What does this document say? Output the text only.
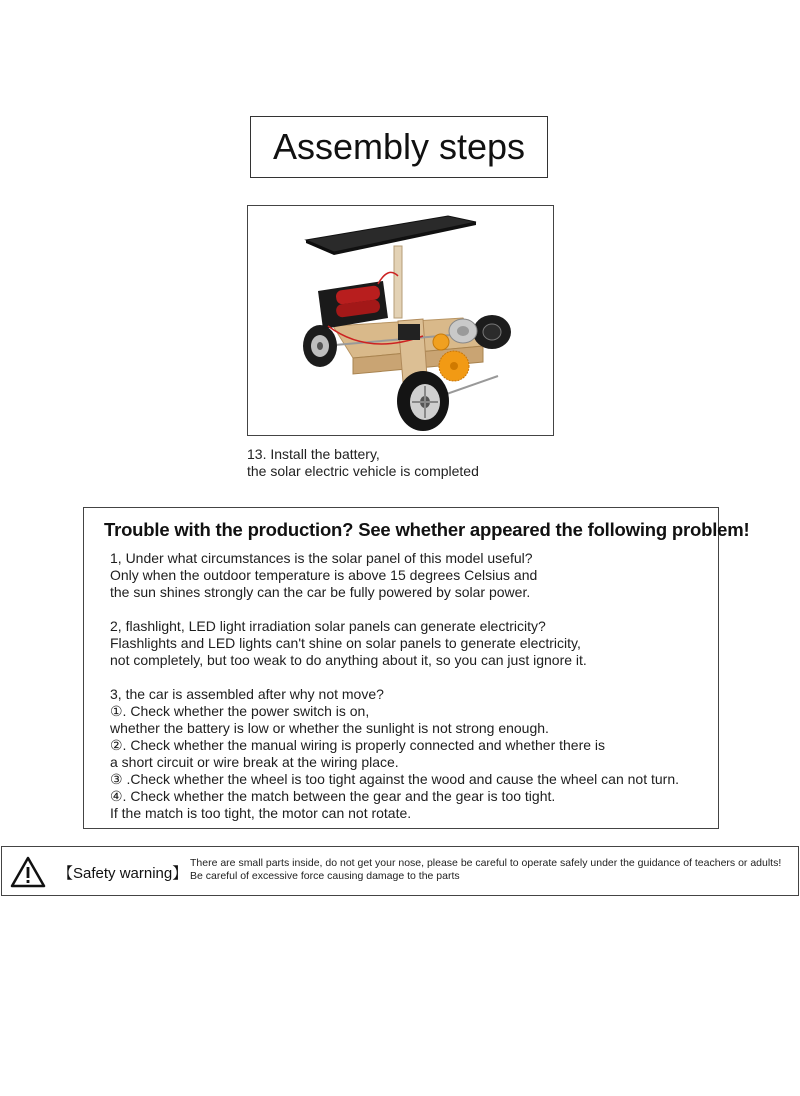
Assembly steps
13. Install the battery,
the solar electric vehicle is completed
Trouble with the production? See whether appeared the following problem!
1, Under what circumstances is the solar panel of this model useful?
Only when the outdoor temperature is above 15 degrees Celsius and
the sun shines strongly can the car be fully powered by solar power.
2, flashlight, LED light irradiation solar panels can generate electricity?
Flashlights and LED lights can't shine on solar panels to generate electricity,
not completely, but too weak to do anything about it, so you can just ignore it.
3, the car is assembled after why not move?
①. Check whether the power switch is on,
whether the battery is low or whether the sunlight is not strong enough.
②. Check whether the manual wiring is properly connected and whether there is
a short circuit or wire break at the wiring place.
③ .Check whether the wheel is too tight against the wood and cause the wheel can not turn.
④. Check whether the match between the gear and the gear is too tight.
If the match is too tight, the motor can not rotate.
【Safety warning】
There are small parts inside, do not get your nose, please be careful to operate safely under the guidance of teachers or adults!
Be careful of excessive force causing damage to the parts
